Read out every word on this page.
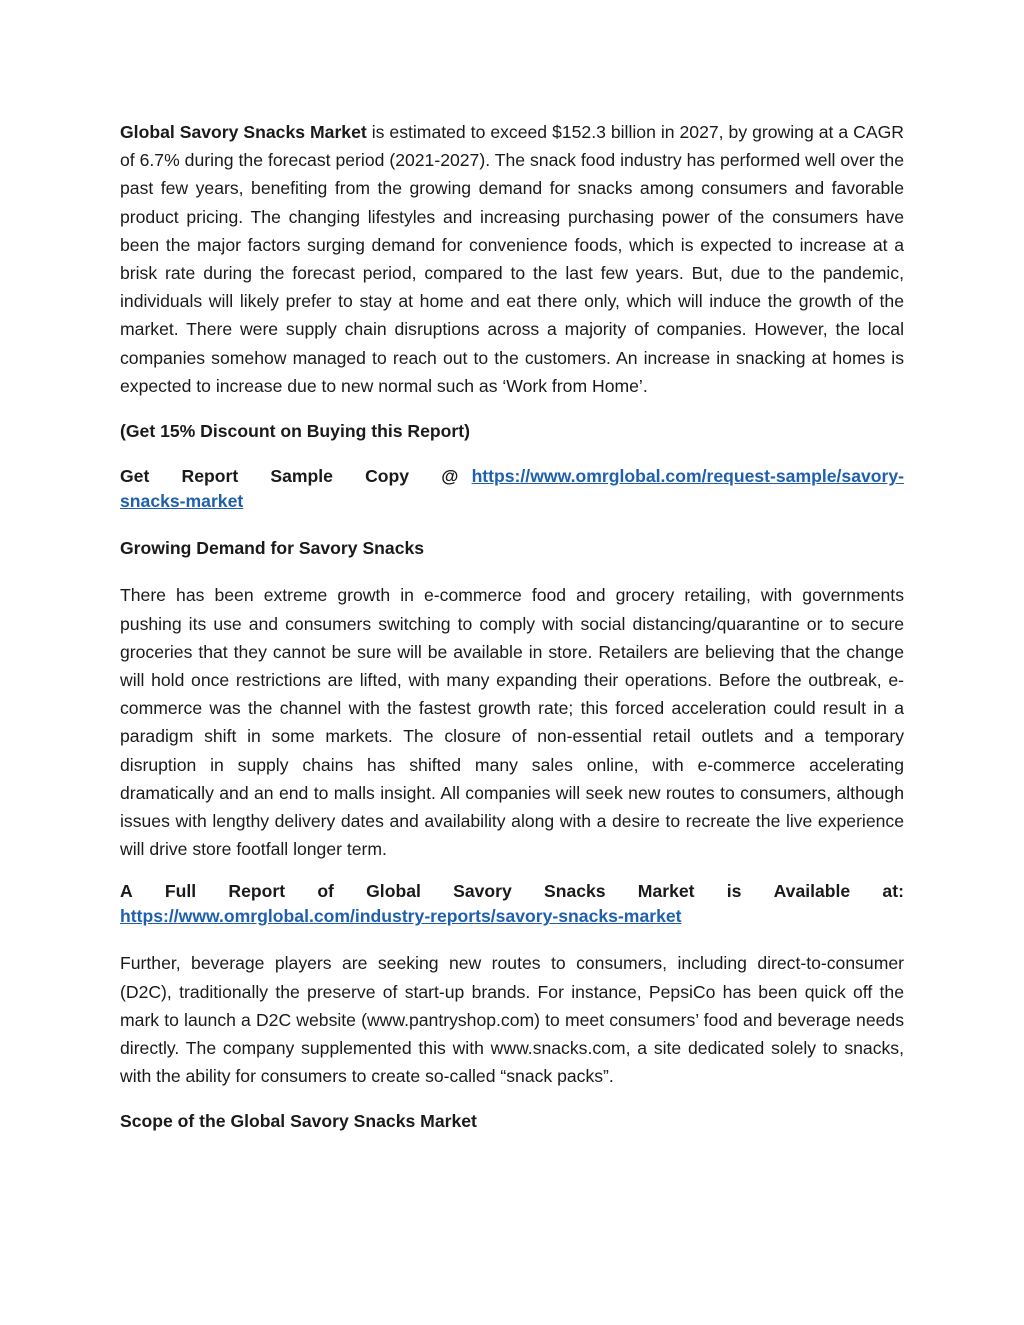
Global Savory Snacks Market is estimated to exceed $152.3 billion in 2027, by growing at a CAGR of 6.7% during the forecast period (2021-2027). The snack food industry has performed well over the past few years, benefiting from the growing demand for snacks among consumers and favorable product pricing. The changing lifestyles and increasing purchasing power of the consumers have been the major factors surging demand for convenience foods, which is expected to increase at a brisk rate during the forecast period, compared to the last few years. But, due to the pandemic, individuals will likely prefer to stay at home and eat there only, which will induce the growth of the market. There were supply chain disruptions across a majority of companies. However, the local companies somehow managed to reach out to the customers. An increase in snacking at homes is expected to increase due to new normal such as ‘Work from Home’.

(Get 15% Discount on Buying this Report)

Get Report Sample Copy @ https://www.omrglobal.com/request-sample/savory-snacks-market

Growing Demand for Savory Snacks

There has been extreme growth in e-commerce food and grocery retailing, with governments pushing its use and consumers switching to comply with social distancing/quarantine or to secure groceries that they cannot be sure will be available in store. Retailers are believing that the change will hold once restrictions are lifted, with many expanding their operations. Before the outbreak, e-commerce was the channel with the fastest growth rate; this forced acceleration could result in a paradigm shift in some markets. The closure of non-essential retail outlets and a temporary disruption in supply chains has shifted many sales online, with e-commerce accelerating dramatically and an end to malls insight. All companies will seek new routes to consumers, although issues with lengthy delivery dates and availability along with a desire to recreate the live experience will drive store footfall longer term.

A Full Report of Global Savory Snacks Market is Available at:
https://www.omrglobal.com/industry-reports/savory-snacks-market

Further, beverage players are seeking new routes to consumers, including direct-to-consumer (D2C), traditionally the preserve of start-up brands. For instance, PepsiCo has been quick off the mark to launch a D2C website (www.pantryshop.com) to meet consumers’ food and beverage needs directly. The company supplemented this with www.snacks.com, a site dedicated solely to snacks, with the ability for consumers to create so-called “snack packs”.

Scope of the Global Savory Snacks Market
